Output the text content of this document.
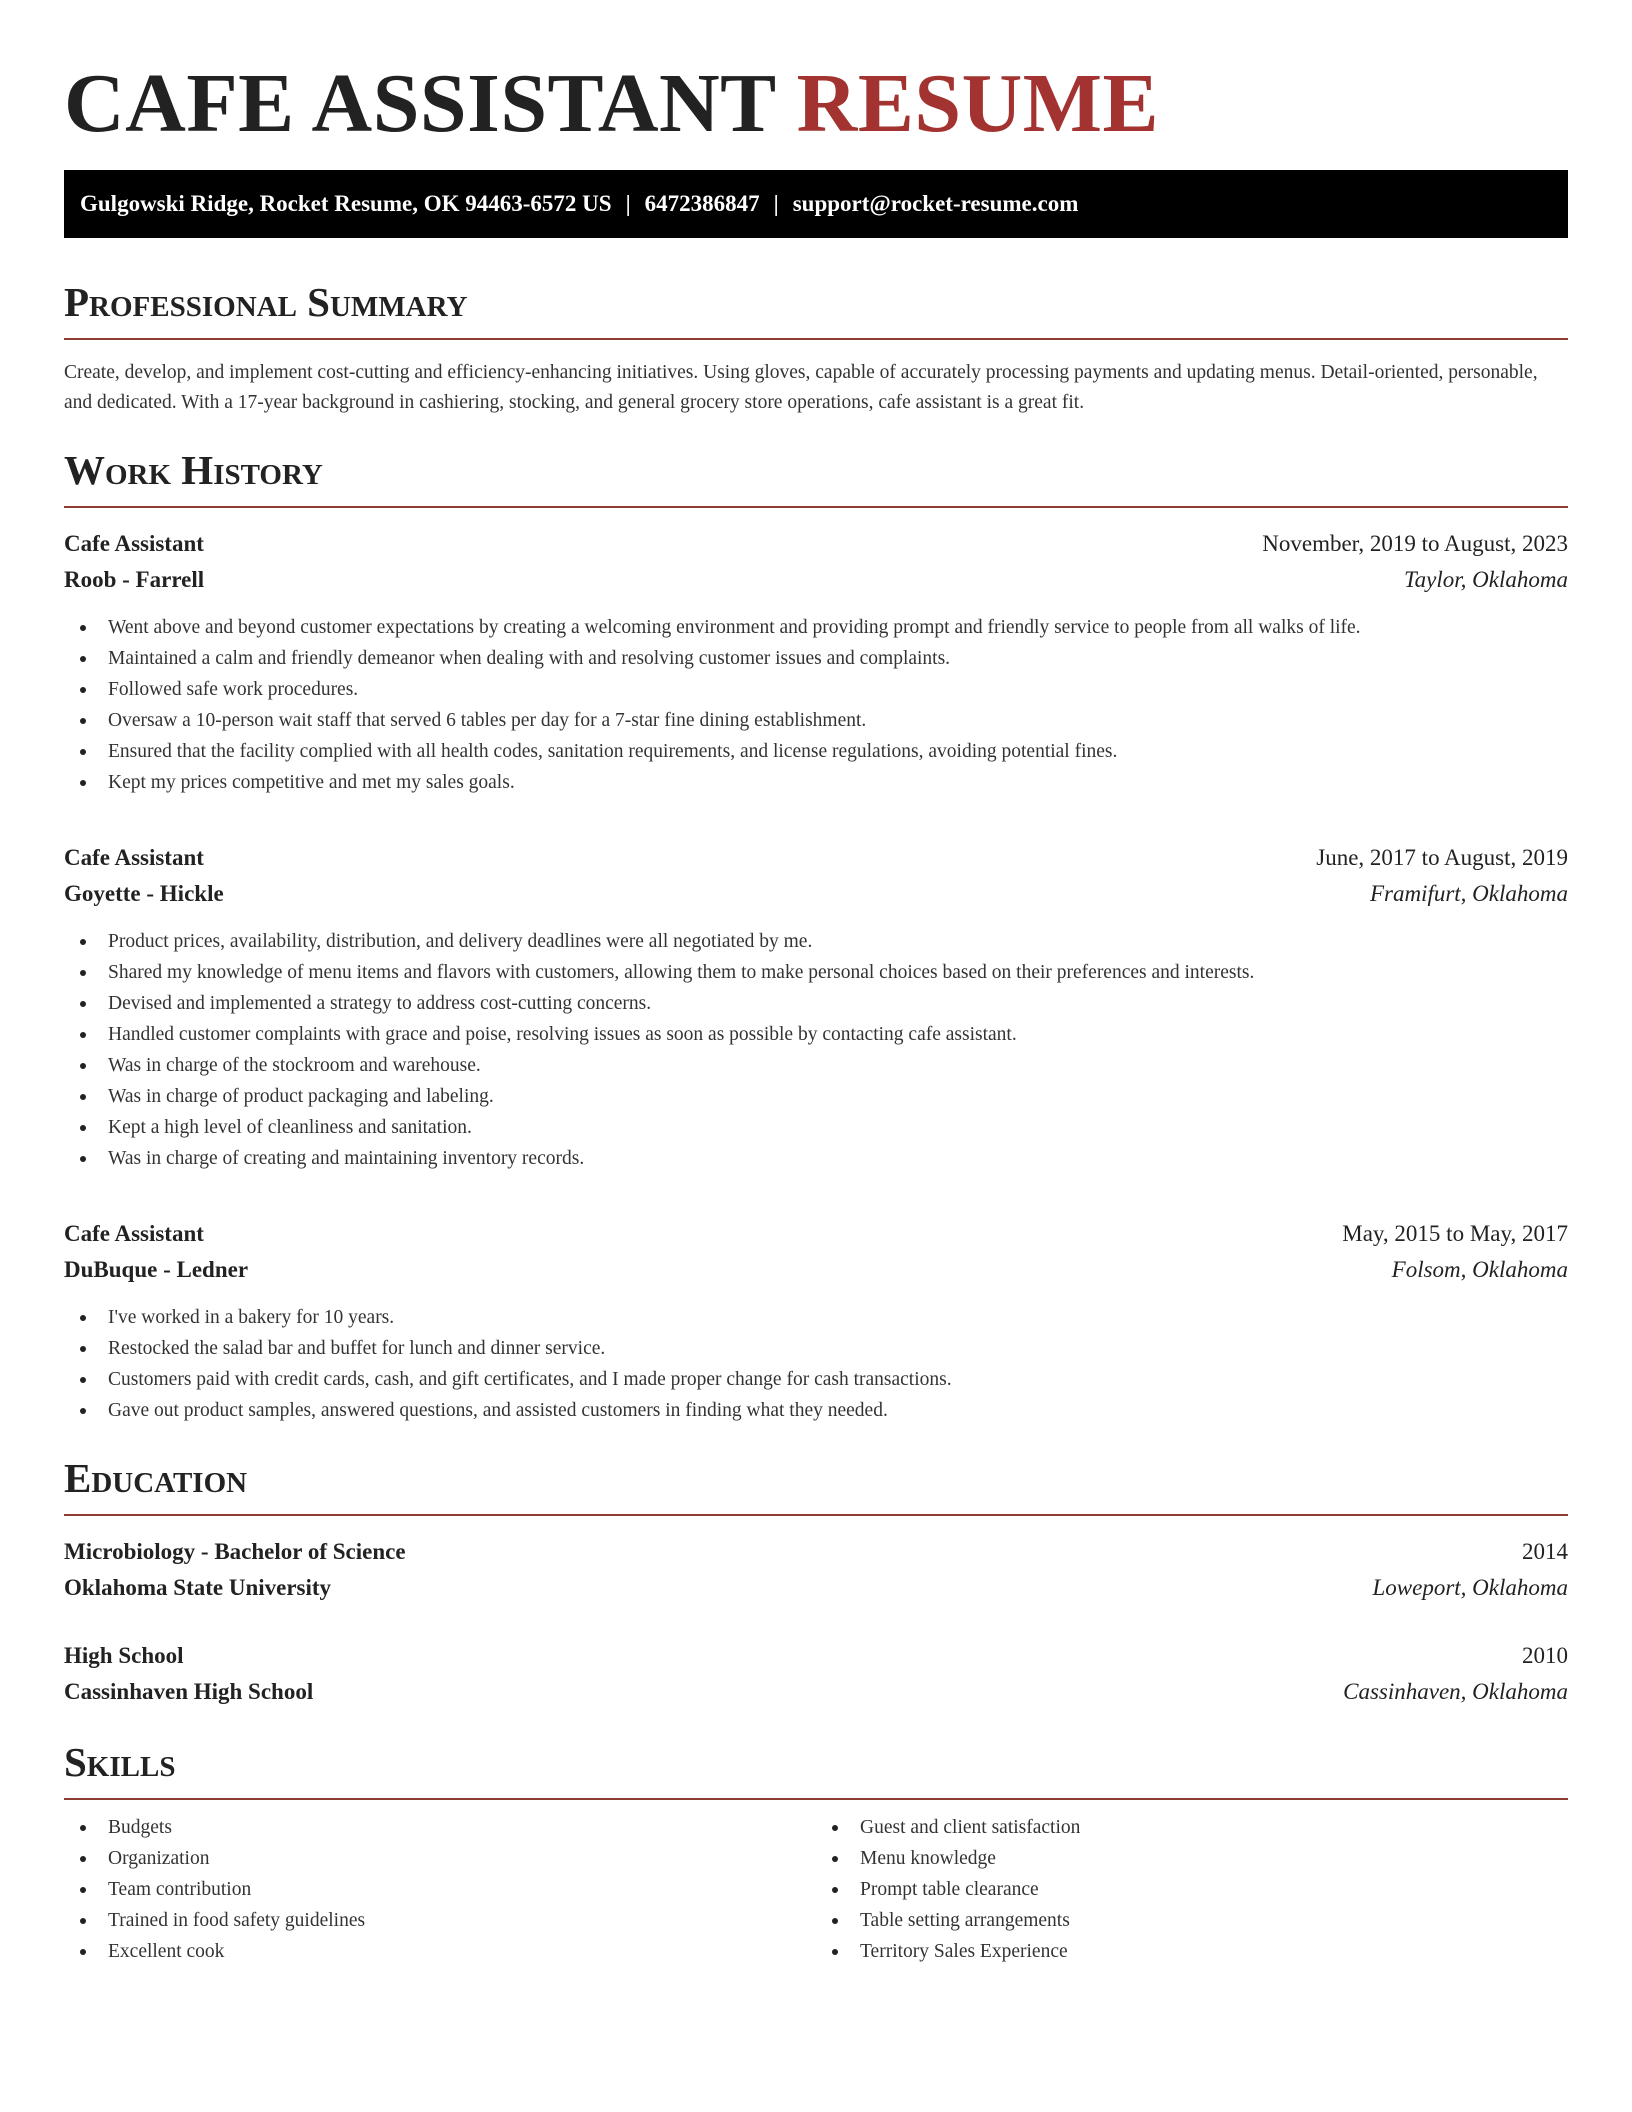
CAFE ASSISTANT RESUME
Gulgowski Ridge, Rocket Resume, OK 94463-6572 US | 6472386847 | support@rocket-resume.com
Professional Summary

Create, develop, and implement cost-cutting and efficiency-enhancing initiatives. Using gloves, capable of accurately processing payments and updating menus. Detail-oriented, personable, and dedicated. With a 17-year background in cashiering, stocking, and general grocery store operations, cafe assistant is a great fit.

Work History
Cafe Assistant	November, 2019 to August, 2023
Roob - Farrell	Taylor, Oklahoma
Went above and beyond customer expectations by creating a welcoming environment and providing prompt and friendly service to people from all walks of life.
Maintained a calm and friendly demeanor when dealing with and resolving customer issues and complaints.
Followed safe work procedures.
Oversaw a 10-person wait staff that served 6 tables per day for a 7-star fine dining establishment.
Ensured that the facility complied with all health codes, sanitation requirements, and license regulations, avoiding potential fines.
Kept my prices competitive and met my sales goals.
Cafe Assistant	June, 2017 to August, 2019
Goyette - Hickle	Framifurt, Oklahoma
Product prices, availability, distribution, and delivery deadlines were all negotiated by me.
Shared my knowledge of menu items and flavors with customers, allowing them to make personal choices based on their preferences and interests.
Devised and implemented a strategy to address cost-cutting concerns.
Handled customer complaints with grace and poise, resolving issues as soon as possible by contacting cafe assistant.
Was in charge of the stockroom and warehouse.
Was in charge of product packaging and labeling.
Kept a high level of cleanliness and sanitation.
Was in charge of creating and maintaining inventory records.
Cafe Assistant	May, 2015 to May, 2017
DuBuque - Ledner	Folsom, Oklahoma
I've worked in a bakery for 10 years.
Restocked the salad bar and buffet for lunch and dinner service.
Customers paid with credit cards, cash, and gift certificates, and I made proper change for cash transactions.
Gave out product samples, answered questions, and assisted customers in finding what they needed.
Education
Microbiology - Bachelor of Science	2014
Oklahoma State University	Loweport, Oklahoma
High School	2010
Cassinhaven High School	Cassinhaven, Oklahoma
Skills
Budgets
Organization
Team contribution
Trained in food safety guidelines
Excellent cook
Guest and client satisfaction
Menu knowledge
Prompt table clearance
Table setting arrangements
Territory Sales Experience
